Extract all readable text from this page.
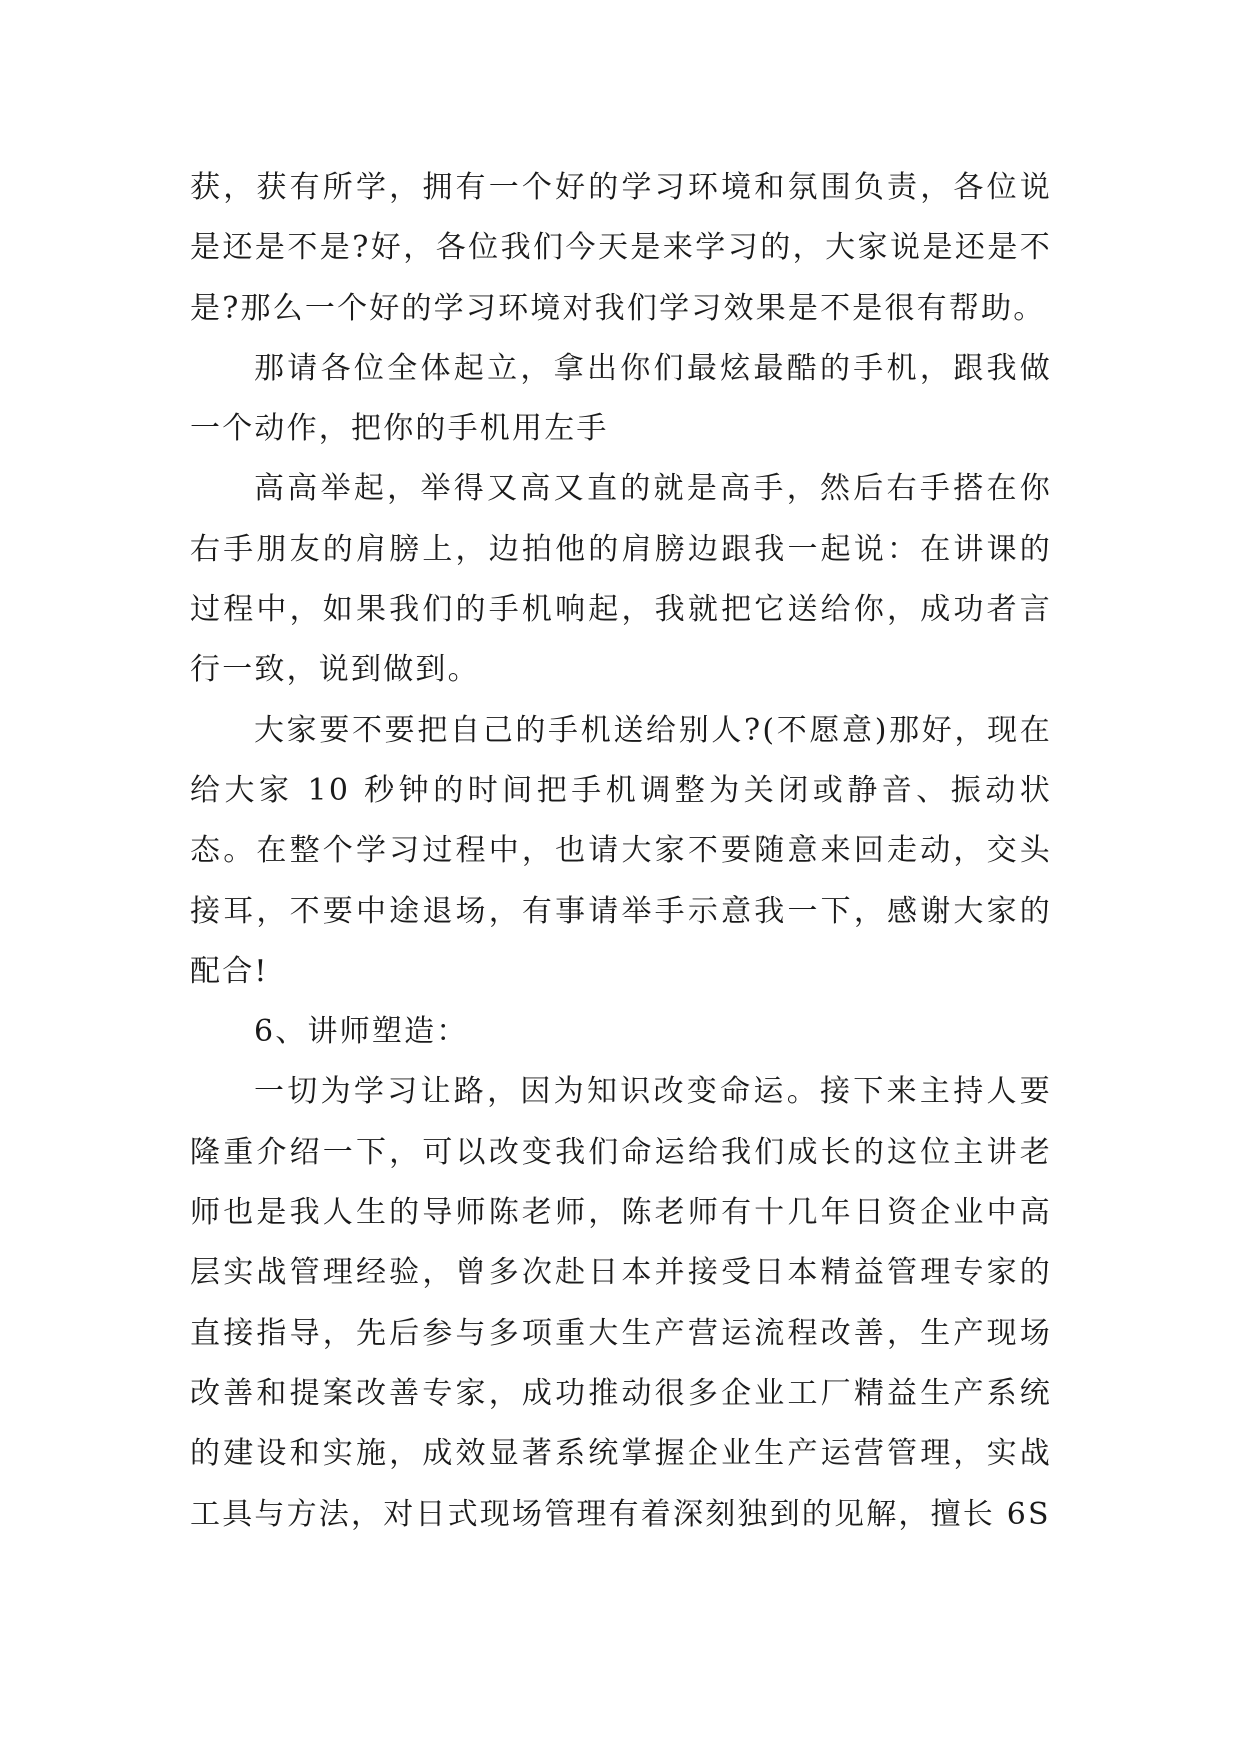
获，获有所学，拥有一个好的学习环境和氛围负责，各位说是还是不是?好，各位我们今天是来学习的，大家说是还是不是?那么一个好的学习环境对我们学习效果是不是很有帮助。

那请各位全体起立，拿出你们最炫最酷的手机，跟我做一个动作，把你的手机用左手

高高举起，举得又高又直的就是高手，然后右手搭在你右手朋友的肩膀上，边拍他的肩膀边跟我一起说：在讲课的过程中，如果我们的手机响起，我就把它送给你，成功者言行一致，说到做到。

大家要不要把自己的手机送给别人?(不愿意)那好，现在给大家 10 秒钟的时间把手机调整为关闭或静音、振动状态。在整个学习过程中，也请大家不要随意来回走动，交头接耳，不要中途退场，有事请举手示意我一下，感谢大家的配合!

6、讲师塑造：

一切为学习让路，因为知识改变命运。接下来主持人要隆重介绍一下，可以改变我们命运给我们成长的这位主讲老师也是我人生的导师陈老师，陈老师有十几年日资企业中高层实战管理经验，曾多次赴日本并接受日本精益管理专家的直接指导，先后参与多项重大生产营运流程改善，生产现场改善和提案改善专家，成功推动很多企业工厂精益生产系统的建设和实施，成效显著系统掌握企业生产运营管理，实战工具与方法，对日式现场管理有着深刻独到的见解，擅长 6S
